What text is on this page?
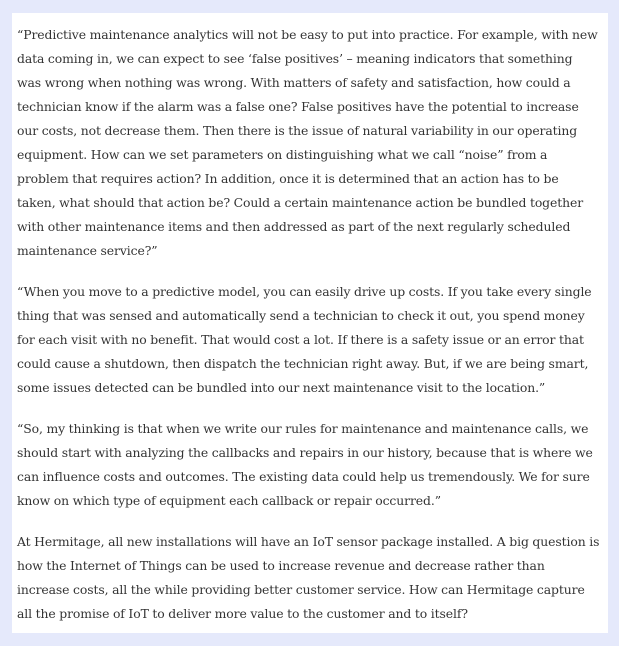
“Predictive maintenance analytics will not be easy to put into practice. For example, with new data coming in, we can expect to see ‘false positives’ – meaning indicators that something was wrong when nothing was wrong. With matters of safety and satisfaction, how could a technician know if the alarm was a false one? False positives have the potential to increase our costs, not decrease them. Then there is the issue of natural variability in our operating equipment. How can we set parameters on distinguishing what we call “noise” from a problem that requires action? In addition, once it is determined that an action has to be taken, what should that action be? Could a certain maintenance action be bundled together with other maintenance items and then addressed as part of the next regularly scheduled maintenance service?”

“When you move to a predictive model, you can easily drive up costs. If you take every single thing that was sensed and automatically send a technician to check it out, you spend money for each visit with no benefit. That would cost a lot. If there is a safety issue or an error that could cause a shutdown, then dispatch the technician right away. But, if we are being smart, some issues detected can be bundled into our next maintenance visit to the location.”

“So, my thinking is that when we write our rules for maintenance and maintenance calls, we should start with analyzing the callbacks and repairs in our history, because that is where we can influence costs and outcomes. The existing data could help us tremendously. We for sure know on which type of equipment each callback or repair occurred.”

At Hermitage, all new installations will have an IoT sensor package installed. A big question is how the Internet of Things can be used to increase revenue and decrease rather than increase costs, all the while providing better customer service. How can Hermitage capture all the promise of IoT to deliver more value to the customer and to itself?
